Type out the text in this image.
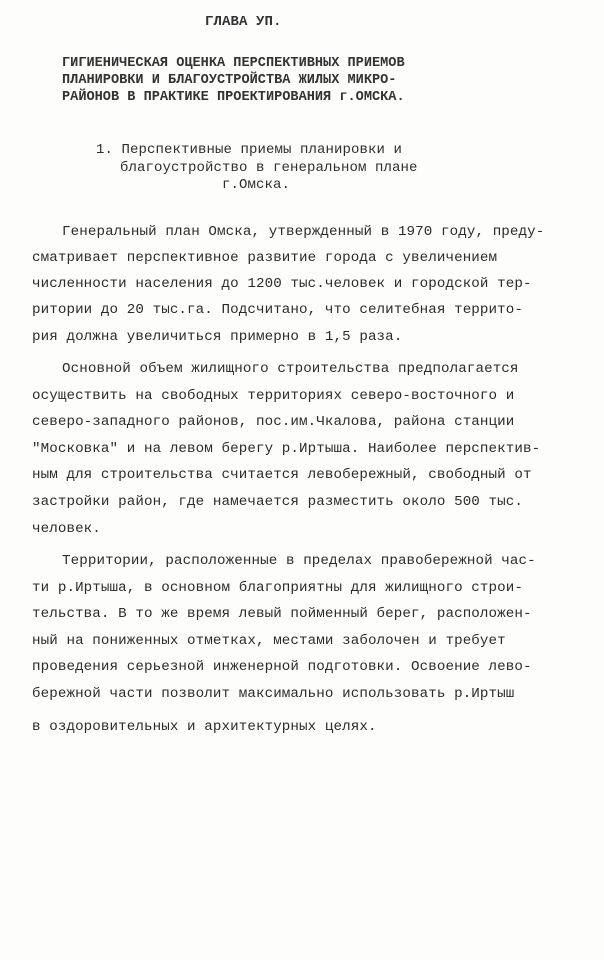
ГЛАВА УП.
ГИГИЕНИЧЕСКАЯ ОЦЕНКА ПЕРСПЕКТИВНЫХ ПРИЕМОВ
ПЛАНИРОВКИ И БЛАГОУСТРОЙСТВА ЖИЛЫХ МИКРО-
РАЙОНОВ В ПРАКТИКЕ ПРОЕКТИРОВАНИЯ г.ОМСКА.
1. Перспективные приемы планировки и
благоустройство в генеральном плане
г.Омска.
Генеральный план Омска, утвержденный в 1970 году, преду-
сматривает перспективное развитие города с увеличением
численности населения до 1200 тыс.человек и городской тер-
ритории до 20 тыс.га. Подсчитано, что селитебная террито-
рия должна увеличиться примерно в 1,5 раза.
Основной объем жилищного строительства предполагается
осуществить на свободных территориях северо-восточного и
северо-западного районов, пос.им.Чкалова, района станции
"Московка" и на левом берегу р.Иртыша. Наиболее перспектив-
ным для строительства считается левобережный, свободный от
застройки район, где намечается разместить около 500 тыс.
человек.
Территории, расположенные в пределах правобережной час-
ти р.Иртыша, в основном благоприятны для жилищного строи-
тельства. В то же время левый пойменный берег, расположен-
ный на пониженных отметках, местами заболочен и требует
проведения серьезной инженерной подготовки. Освоение лево-
бережной части позволит максимально использовать р.Иртыш
в оздоровительных и архитектурных целях.
